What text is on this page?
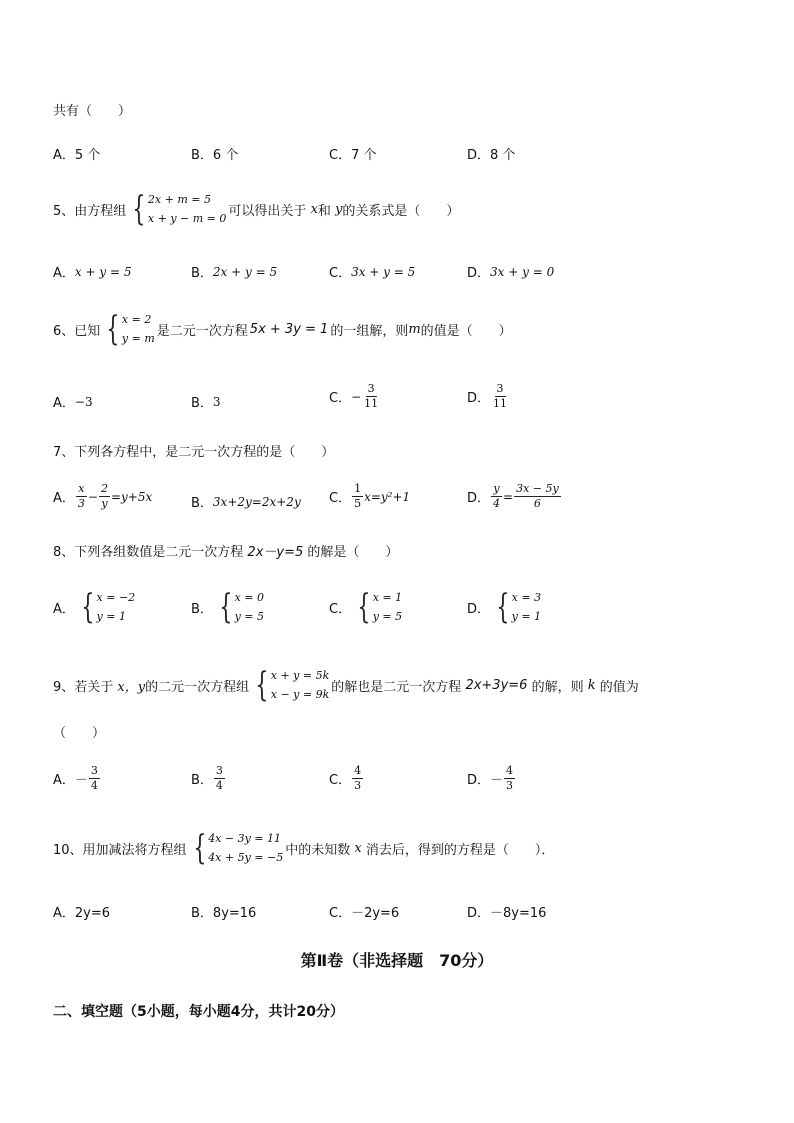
共有（　　）
A．5 个	B．6 个	C．7 个	D．8 个
5、由方程组 { 2x + m = 5
x + y − m = 0 可以得出关于
x 和
y 的关系式是（　　）
A． x + y = 5	B． 2x + y = 5	C． 3x + y = 5	D． 3x + y = 0
6、已知 { x = 2
y = m 是二元一次方程 5x + 3y = 1 的一组解，则 m 的值是（　　）
A． −3	B． 3	C． − $\frac{3}{11}$	D． $\frac{3}{11}$
7、下列各方程中，是二元一次方程的是（　　）
A． $\frac{x}{3} - \frac{2}{y} =y+5x$	B． 3x+2y=2x+2y C． $\frac{1}{5} x=y^2+1$	D． $\frac{y}{4} = \frac{3x - 5y}{6}$
8、下列各组数值是二元一次方程
2x－y=5
的解是（　　）
A． { x = −2
y = 1	B． { x = 0
y = 5	C． { x = 1
y = 5	D． { x = 3
y = 1
9、若关于
x，y 的二元一次方程组 { x + y = 5k
x − y = 9k 的解也是二元一次方程
2x+3y=6
的解，则
k
的值为
（　　）
A． － $\frac{3}{4}$	B． $\frac{3}{4}$	C． $\frac{4}{3}$	D． － $\frac{4}{3}$
10、用加减法将方程组 { 4x − 3y = 11
4x + 5y = −5 中的未知数
x
消去后，得到的方程是（　　）．
A．2y=6	B．8y=16	C．－2y=6	D．－8y=16
第Ⅱ卷（非选择题　70分）
二、填空题（5小题，每小题4分，共计20分）
